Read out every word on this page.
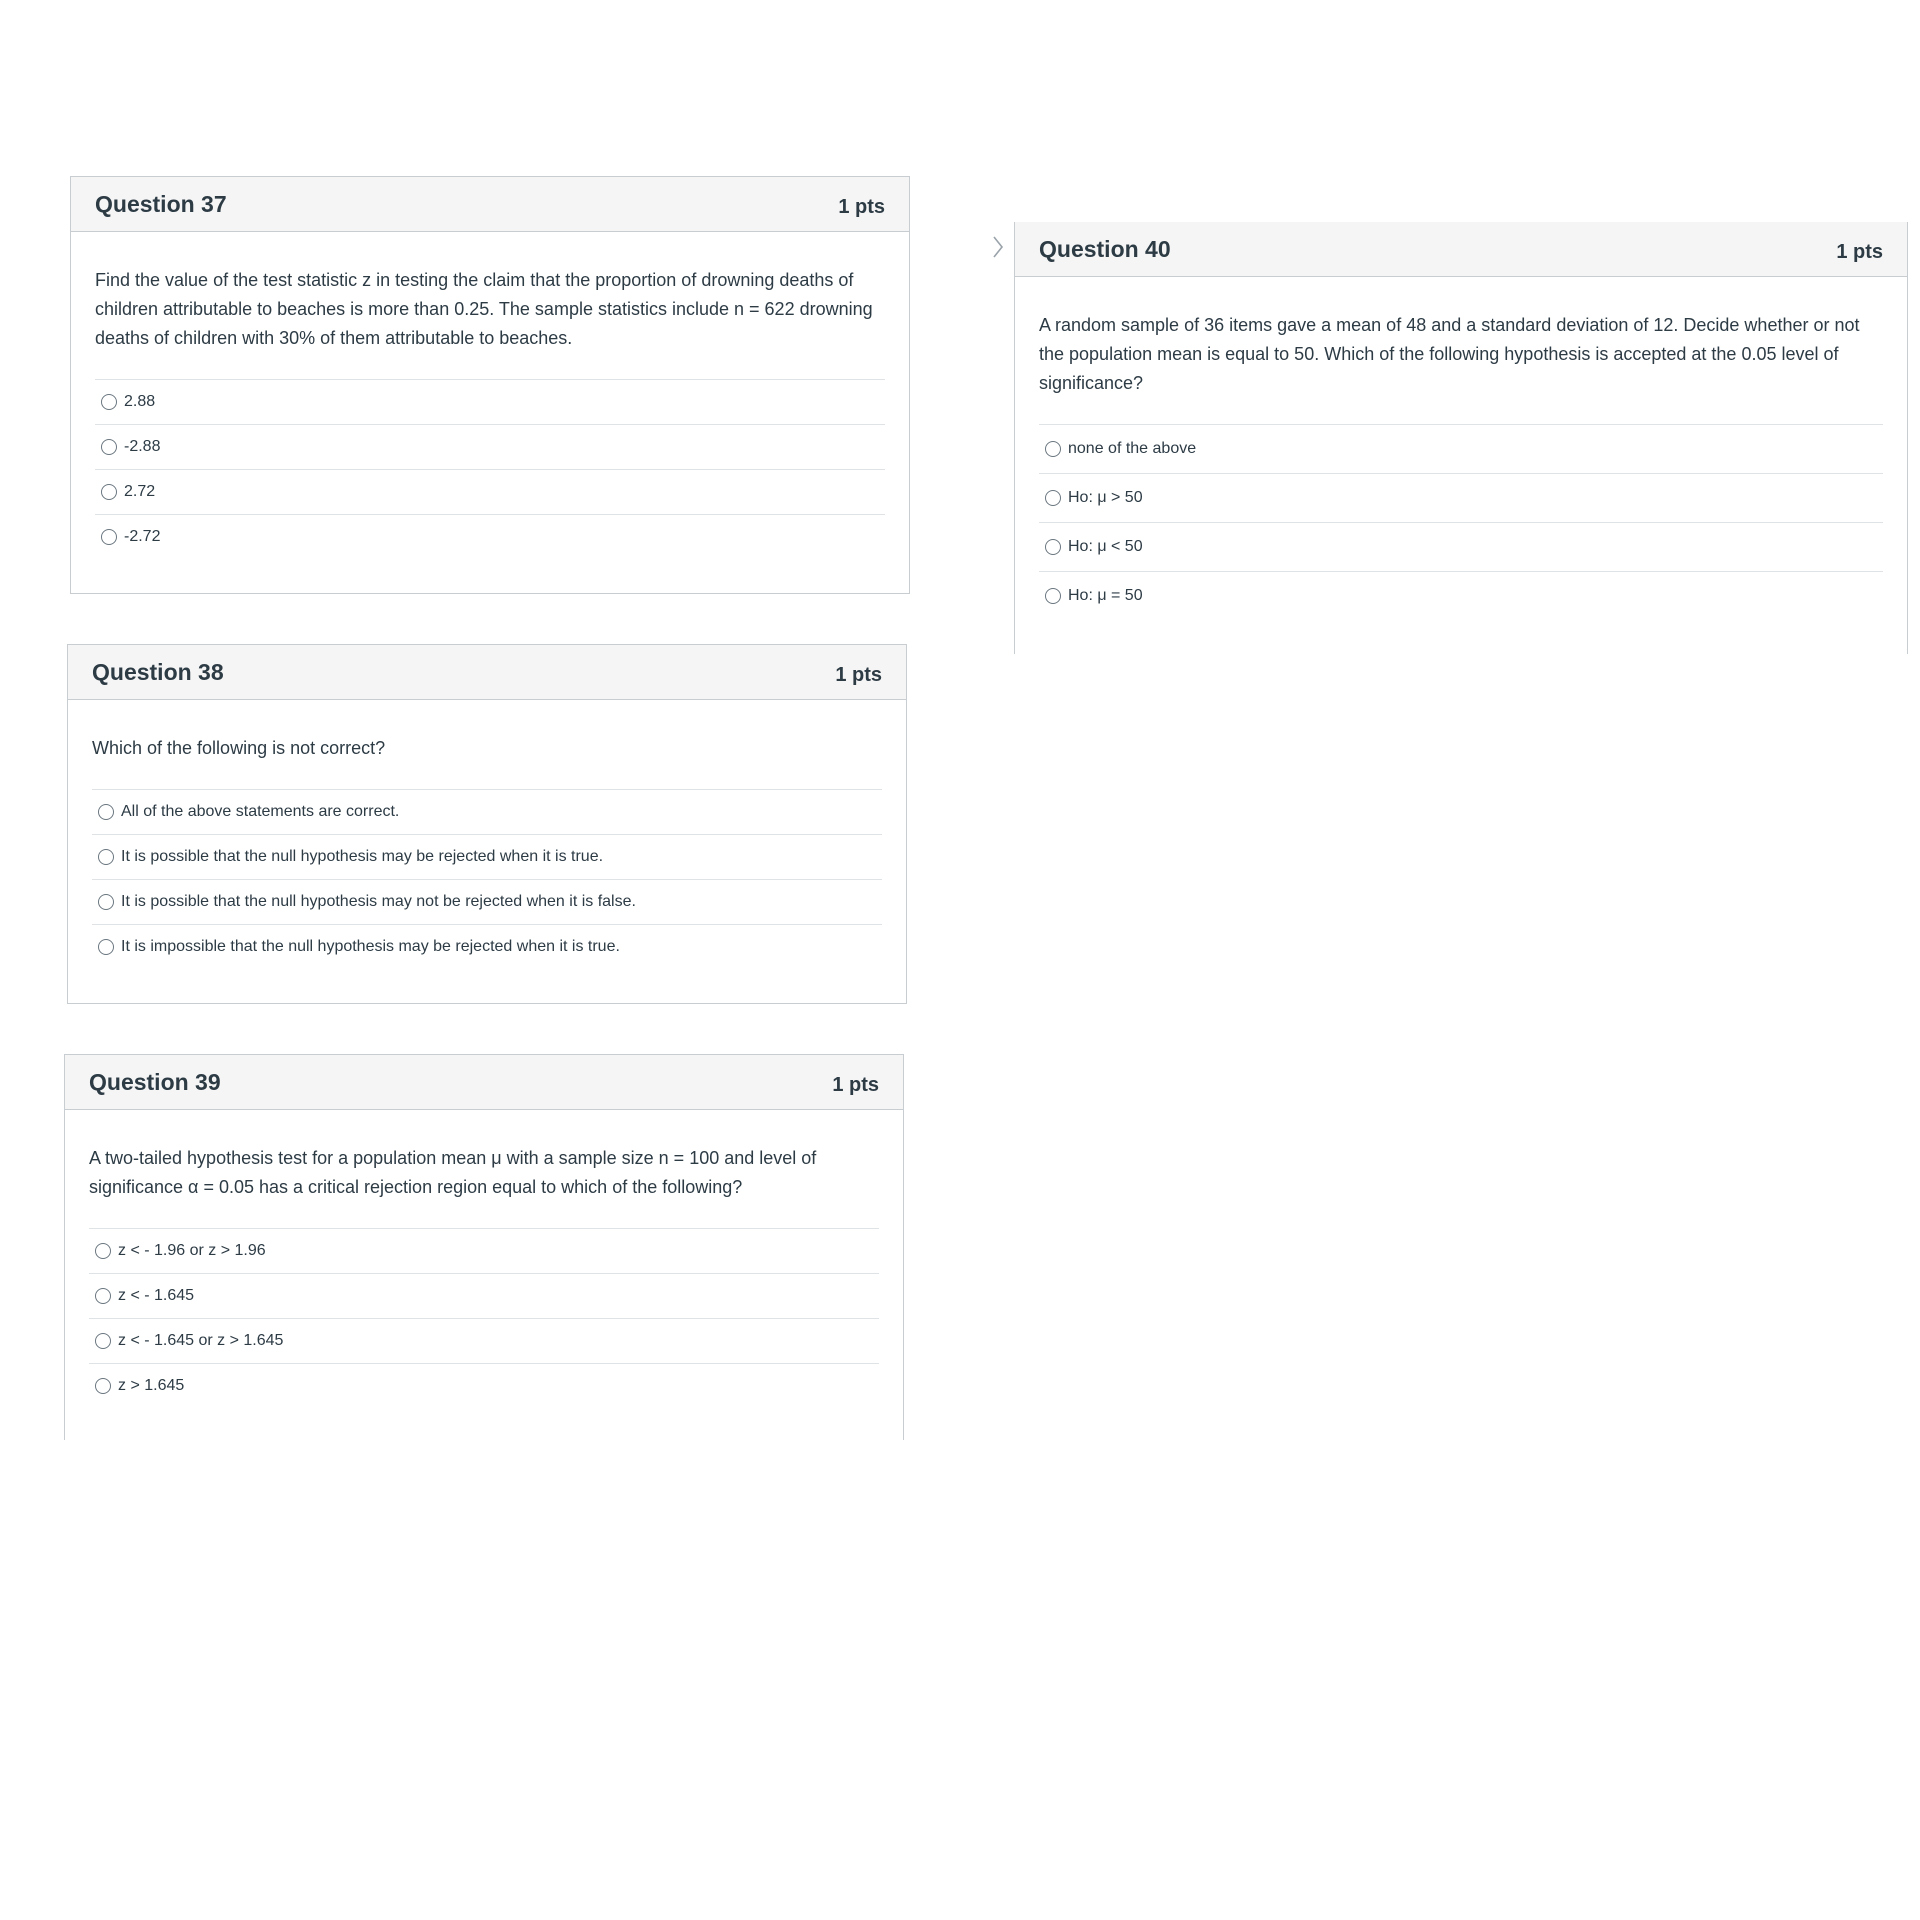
Question 37	1 pts

Find the value of the test statistic z in testing the claim that the proportion of drowning deaths of children attributable to beaches is more than 0.25. The sample statistics include n = 622 drowning deaths of children with 30% of them attributable to beaches.

2.88
-2.88
2.72
-2.72
Question 38	1 pts

Which of the following is not correct?

All of the above statements are correct.
It is possible that the null hypothesis may be rejected when it is true.
It is possible that the null hypothesis may not be rejected when it is false.
It is impossible that the null hypothesis may be rejected when it is true.
Question 39	1 pts

A two-tailed hypothesis test for a population mean μ with a sample size n = 100 and level of significance α = 0.05 has a critical rejection region equal to which of the following?

z < - 1.96 or z > 1.96
z < - 1.645
z < - 1.645 or z > 1.645
z > 1.645
Question 40	1 pts

A random sample of 36 items gave a mean of 48 and a standard deviation of 12. Decide whether or not the population mean is equal to 50. Which of the following hypothesis is accepted at the 0.05 level of significance?

none of the above
Ho: μ > 50
Ho: μ < 50
Ho: μ = 50
